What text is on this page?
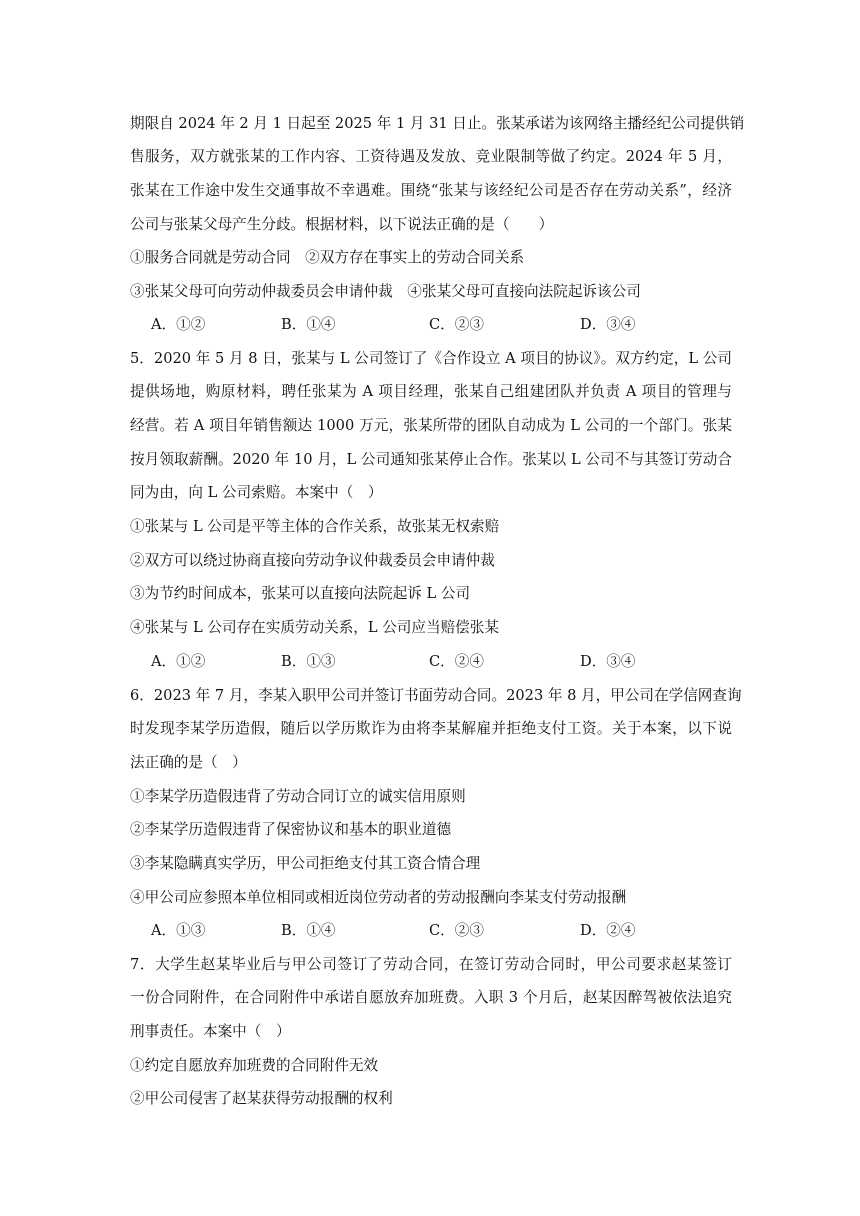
期限自 2024 年 2 月 1 日起至 2025 年 1 月 31 日止。张某承诺为该网络主播经纪公司提供销
售服务，双方就张某的工作内容、工资待遇及发放、竞业限制等做了约定。2024 年 5 月，
张某在工作途中发生交通事故不幸遇难。围绕“张某与该经纪公司是否存在劳动关系”，经济
公司与张某父母产生分歧。根据材料，以下说法正确的是（　　）
①服务合同就是劳动合同　②双方存在事实上的劳动合同关系
③张某父母可向劳动仲裁委员会申请仲裁　④张某父母可直接向法院起诉该公司
A．①②	B．①④	C．②③	D．③④
5．2020 年 5 月 8 日，张某与 L 公司签订了《合作设立 A 项目的协议》。双方约定，L 公司
提供场地，购原材料，聘任张某为 A 项目经理，张某自己组建团队并负责 A 项目的管理与
经营。若 A 项目年销售额达 1000 万元，张某所带的团队自动成为 L 公司的一个部门。张某
按月领取薪酬。2020 年 10 月，L 公司通知张某停止合作。张某以 L 公司不与其签订劳动合
同为由，向 L 公司索赔。本案中（　）
①张某与 L 公司是平等主体的合作关系，故张某无权索赔
②双方可以绕过协商直接向劳动争议仲裁委员会申请仲裁
③为节约时间成本，张某可以直接向法院起诉 L 公司
④张某与 L 公司存在实质劳动关系，L 公司应当赔偿张某
A．①②	B．①③	C．②④	D．③④
6．2023 年 7 月，李某入职甲公司并签订书面劳动合同。2023 年 8 月，甲公司在学信网查询
时发现李某学历造假，随后以学历欺诈为由将李某解雇并拒绝支付工资。关于本案，以下说
法正确的是（　）
①李某学历造假违背了劳动合同订立的诚实信用原则
②李某学历造假违背了保密协议和基本的职业道德
③李某隐瞒真实学历，甲公司拒绝支付其工资合情合理
④甲公司应参照本单位相同或相近岗位劳动者的劳动报酬向李某支付劳动报酬
A．①③	B．①④	C．②③	D．②④
7．大学生赵某毕业后与甲公司签订了劳动合同，在签订劳动合同时，甲公司要求赵某签订
一份合同附件，在合同附件中承诺自愿放弃加班费。入职 3 个月后，赵某因醉驾被依法追究
刑事责任。本案中（　）
①约定自愿放弃加班费的合同附件无效
②甲公司侵害了赵某获得劳动报酬的权利
